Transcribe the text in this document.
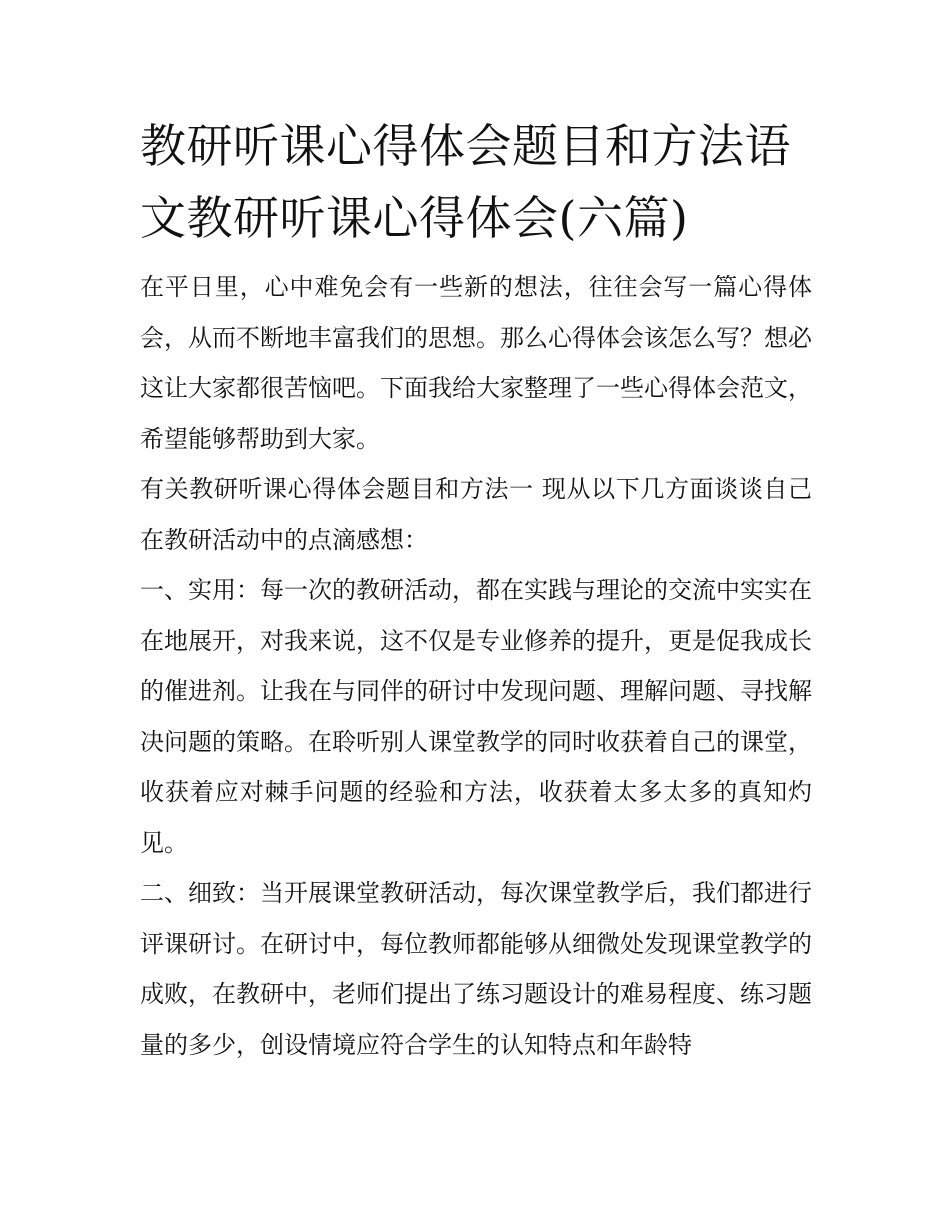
教研听课心得体会题目和方法语文教研听课心得体会(六篇)

在平日里，心中难免会有一些新的想法，往往会写一篇心得体会，从而不断地丰富我们的思想。那么心得体会该怎么写？想必这让大家都很苦恼吧。下面我给大家整理了一些心得体会范文，希望能够帮助到大家。

有关教研听课心得体会题目和方法一 现从以下几方面谈谈自己在教研活动中的点滴感想：

一、实用：每一次的教研活动，都在实践与理论的交流中实实在在地展开，对我来说，这不仅是专业修养的提升，更是促我成长的催进剂。让我在与同伴的研讨中发现问题、理解问题、寻找解决问题的策略。在聆听别人课堂教学的同时收获着自己的课堂，收获着应对棘手问题的经验和方法，收获着太多太多的真知灼见。

二、细致：当开展课堂教研活动，每次课堂教学后，我们都进行评课研讨。在研讨中，每位教师都能够从细微处发现课堂教学的成败，在教研中，老师们提出了练习题设计的难易程度、练习题量的多少，创设情境应符合学生的认知特点和年龄特
